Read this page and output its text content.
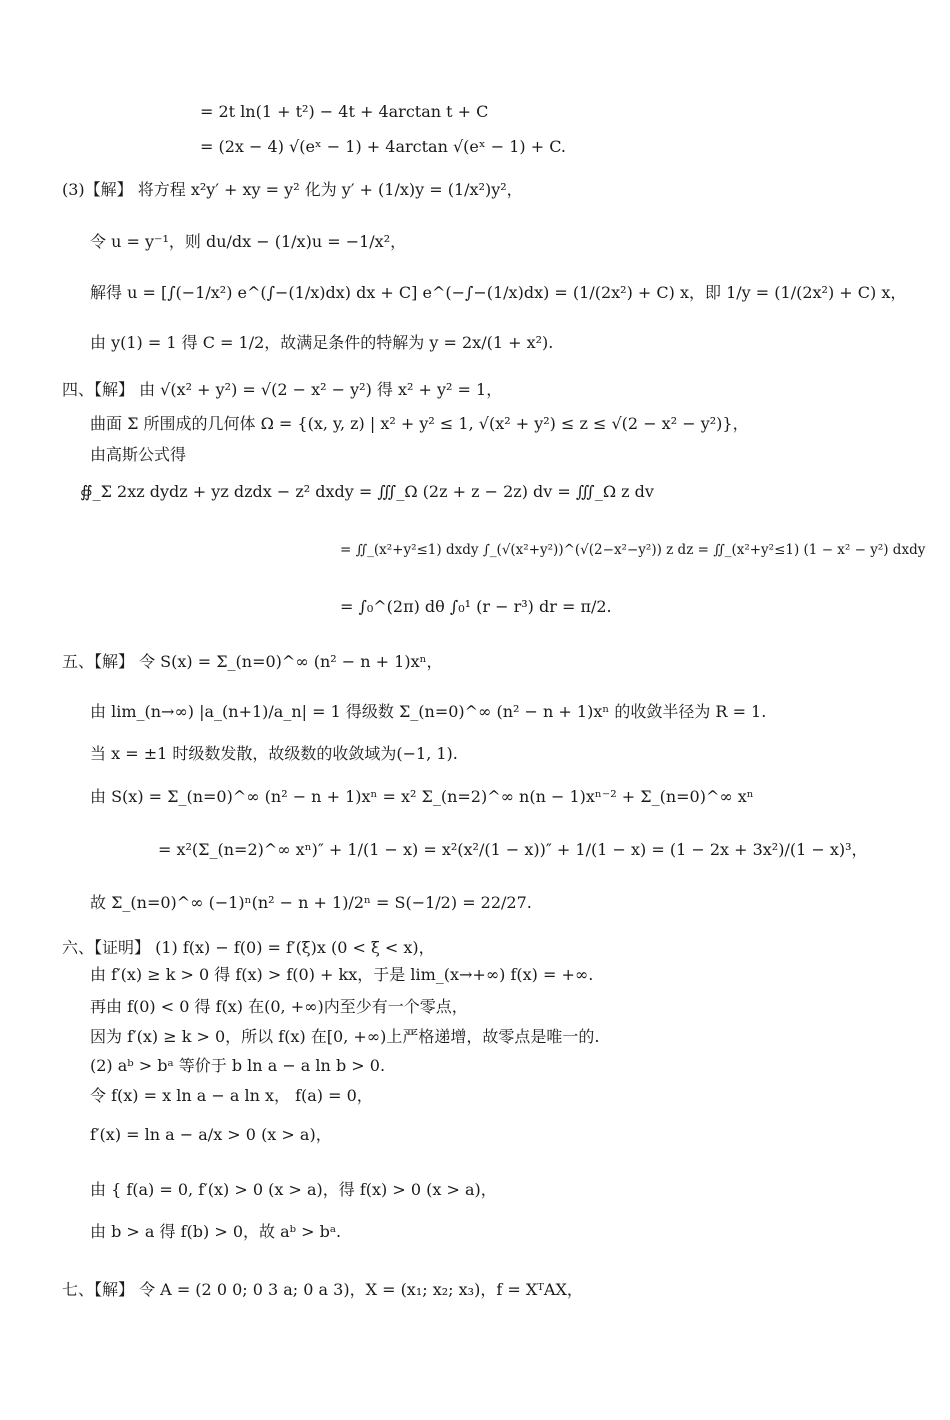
= 2t ln(1 + t²) − 4t + 4arctan t + C
= (2x − 4) √(eˣ − 1) + 4arctan √(eˣ − 1) + C.
(3)【解】 将方程 x²y′ + xy = y² 化为 y′ + (1/x)y = (1/x²)y²，
令 u = y⁻¹，则 du/dx − (1/x)u = −1/x²，
解得 u = [∫(−1/x²) e^(∫−(1/x)dx) dx + C] e^(−∫−(1/x)dx) = (1/(2x²) + C) x，即 1/y = (1/(2x²) + C) x，
由 y(1) = 1 得 C = 1/2，故满足条件的特解为 y = 2x/(1 + x²).
四、【解】 由 √(x² + y²) = √(2 − x² − y²) 得 x² + y² = 1，
曲面 Σ 所围成的几何体 Ω = {(x, y, z) | x² + y² ≤ 1, √(x² + y²) ≤ z ≤ √(2 − x² − y²)}，
由高斯公式得
∯_Σ 2xz dydz + yz dzdx − z² dxdy = ∭_Ω (2z + z − 2z) dv = ∭_Ω z dv
= ∬_(x²+y²≤1) dxdy ∫_(√(x²+y²))^(√(2−x²−y²)) z dz = ∬_(x²+y²≤1) (1 − x² − y²) dxdy
= ∫₀^(2π) dθ ∫₀¹ (r − r³) dr = π/2.
五、【解】 令 S(x) = Σ_(n=0)^∞ (n² − n + 1)xⁿ，
由 lim_(n→∞) |a_(n+1)/a_n| = 1 得级数 Σ_(n=0)^∞ (n² − n + 1)xⁿ 的收敛半径为 R = 1.
当 x = ±1 时级数发散，故级数的收敛域为(−1, 1).
由 S(x) = Σ_(n=0)^∞ (n² − n + 1)xⁿ = x² Σ_(n=2)^∞ n(n − 1)xⁿ⁻² + Σ_(n=0)^∞ xⁿ
= x²(Σ_(n=2)^∞ xⁿ)″ + 1/(1 − x) = x²(x²/(1 − x))″ + 1/(1 − x) = (1 − 2x + 3x²)/(1 − x)³，
故 Σ_(n=0)^∞ (−1)ⁿ(n² − n + 1)/2ⁿ = S(−1/2) = 22/27.
六、【证明】 (1) f(x) − f(0) = f′(ξ)x (0 < ξ < x)，
由 f′(x) ≥ k > 0 得 f(x) > f(0) + kx，于是 lim_(x→+∞) f(x) = +∞.
再由 f(0) < 0 得 f(x) 在(0, +∞)内至少有一个零点，
因为 f′(x) ≥ k > 0，所以 f(x) 在[0, +∞)上严格递增，故零点是唯一的.
(2) aᵇ > bᵃ 等价于 b ln a − a ln b > 0.
令 f(x) = x ln a − a ln x， f(a) = 0，
f′(x) = ln a − a/x > 0 (x > a)，
由 { f(a) = 0, f′(x) > 0 (x > a)，得 f(x) > 0 (x > a)，
由 b > a 得 f(b) > 0，故 aᵇ > bᵃ.
七、【解】 令 A = (2 0 0; 0 3 a; 0 a 3)，X = (x₁; x₂; x₃)，f = XᵀAX，
